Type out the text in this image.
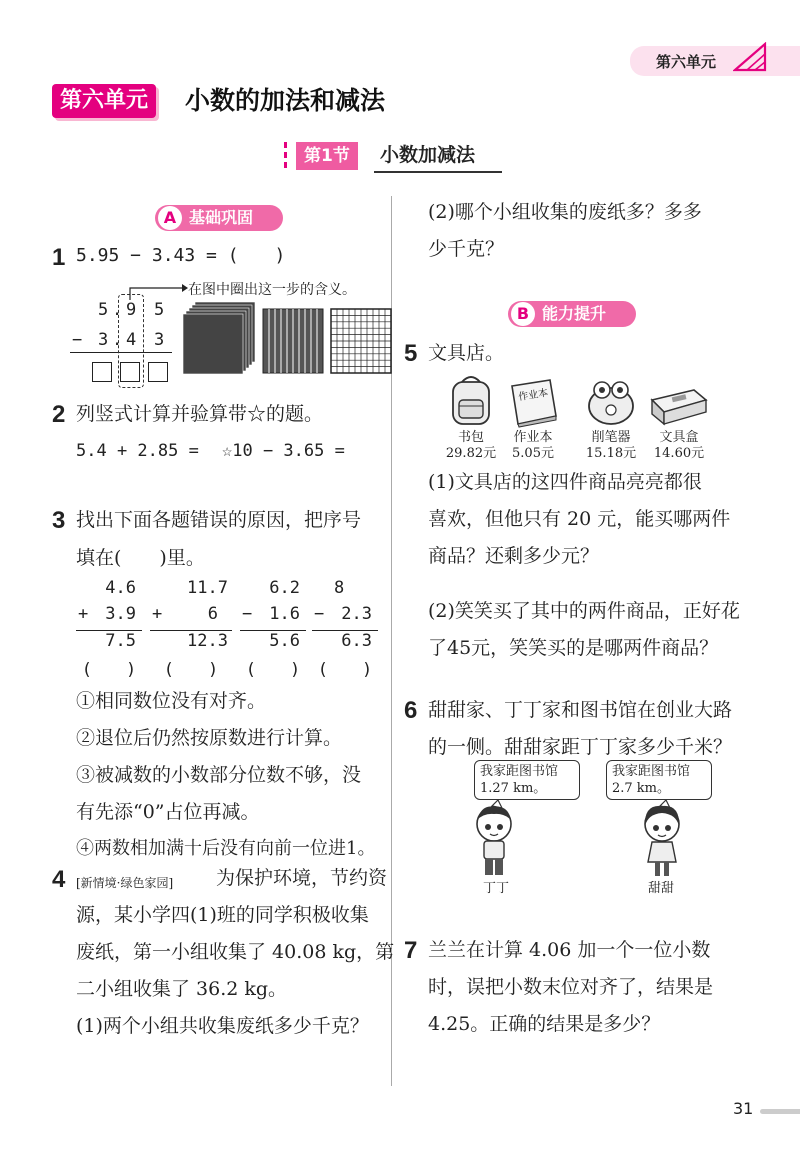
第六单元
第六单元	小数的加法和减法
第1节	小数加减法
A 基础巩固
1 5.95 − 3.43 = (　　)
5 . 9 5
− 3 . 4 3
在图中圈出这一步的含义。
2 列竖式计算并验算带☆的题。
5.4 + 2.85 = ☆10 − 3.65 =
3 找出下面各题错误的原因，把序号
填在(　　)里。
4.6
+ 3.9
7.5
(　　)
11.7
+	6
12.3
(　　)
6.2
− 1.6
5.6
(　　)
8
− 2.3
6.3
(　　)
①相同数位没有对齐。
②退位后仍然按原数进行计算。
③被减数的小数部分位数不够，没
有先添“0”占位再减。
④两数相加满十后没有向前一位进1。
4 [新情境·绿色家园] 为保护环境，节约资
源，某小学四(1)班的同学积极收集
废纸，第一小组收集了 40.08 kg，第
二小组收集了 36.2 kg。
(1)两个小组共收集废纸多少千克？
(2)哪个小组收集的废纸多？多多
少千克？
B 能力提升
5 文具店。
作业本
书包
29.82元
作业本
5.05元
削笔器
15.18元
文具盒
14.60元
(1)文具店的这四件商品亮亮都很
喜欢，但他只有 20 元，能买哪两件
商品？还剩多少元？
(2)笑笑买了其中的两件商品，正好花
了45元，笑笑买的是哪两件商品？
6 甜甜家、丁丁家和图书馆在创业大路
的一侧。甜甜家距丁丁家多少千米？
我家距图书馆
1.27 km。
我家距图书馆
2.7 km。
丁丁	甜甜
7 兰兰在计算 4.06 加一个一位小数
时，误把小数末位对齐了，结果是
4.25。正确的结果是多少？
31
